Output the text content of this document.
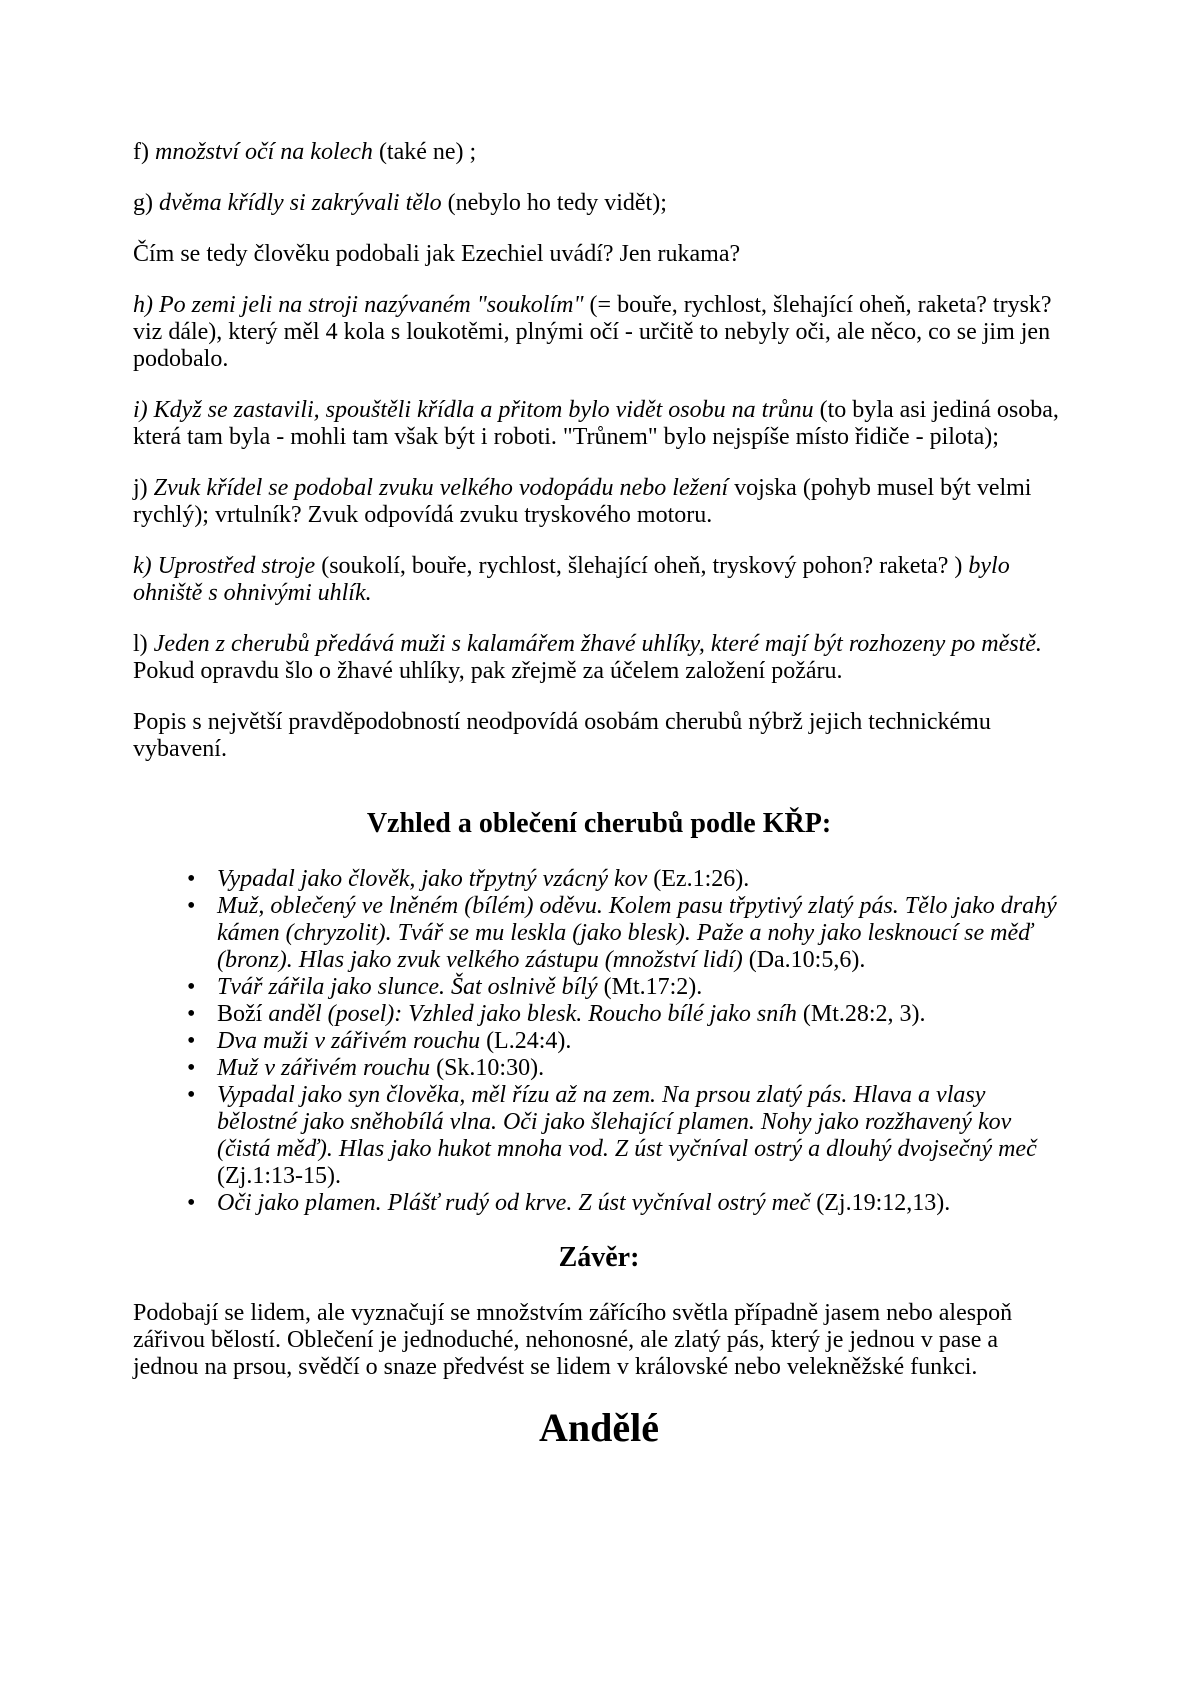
f) množství očí na kolech (také ne) ;

g) dvěma křídly si zakrývali tělo (nebylo ho tedy vidět);

Čím se tedy člověku podobali jak Ezechiel uvádí? Jen rukama?

h) Po zemi jeli na stroji nazývaném "soukolím" (= bouře, rychlost, šlehající oheň, raketa? trysk? viz dále), který měl 4 kola s loukotěmi, plnými očí - určitě to nebyly oči, ale něco, co se jim jen podobalo.

i) Když se zastavili, spouštěli křídla a přitom bylo vidět osobu na trůnu (to byla asi jediná osoba, která tam byla - mohli tam však být i roboti. "Trůnem" bylo nejspíše místo řidiče - pilota);

j) Zvuk křídel se podobal zvuku velkého vodopádu nebo ležení vojska (pohyb musel být velmi rychlý); vrtulník? Zvuk odpovídá zvuku tryskového motoru.

k) Uprostřed stroje (soukolí, bouře, rychlost, šlehající oheň, tryskový pohon? raketa? ) bylo ohniště s ohnivými uhlík.

l) Jeden z cherubů předává muži s kalamářem žhavé uhlíky, které mají být rozhozeny po městě. Pokud opravdu šlo o žhavé uhlíky, pak zřejmě za účelem založení požáru.

Popis s největší pravděpodobností neodpovídá osobám cherubů nýbrž jejich technickému vybavení.

Vzhled a oblečení cherubů podle KŘP:
• Vypadal jako člověk, jako třpytný vzácný kov (Ez.1:26).
• Muž, oblečený ve lněném (bílém) oděvu. Kolem pasu třpytivý zlatý pás. Tělo jako drahý kámen (chryzolit). Tvář se mu leskla (jako blesk). Paže a nohy jako lesknoucí se měď (bronz). Hlas jako zvuk velkého zástupu (množství lidí) (Da.10:5,6).
• Tvář zářila jako slunce. Šat oslnivě bílý (Mt.17:2).
• Boží anděl (posel): Vzhled jako blesk. Roucho bílé jako sníh (Mt.28:2, 3).
• Dva muži v zářivém rouchu (L.24:4).
• Muž v zářivém rouchu (Sk.10:30).
• Vypadal jako syn člověka, měl řízu až na zem. Na prsou zlatý pás. Hlava a vlasy bělostné jako sněhobílá vlna. Oči jako šlehající plamen. Nohy jako rozžhavený kov (čistá měď). Hlas jako hukot mnoha vod. Z úst vyčníval ostrý a dlouhý dvojsečný meč (Zj.1:13-15).
• Oči jako plamen. Plášť rudý od krve. Z úst vyčníval ostrý meč (Zj.19:12,13).
Závěr:

Podobají se lidem, ale vyznačují se množstvím zářícího světla případně jasem nebo alespoň zářivou bělostí. Oblečení je jednoduché, nehonosné, ale zlatý pás, který je jednou v pase a jednou na prsou, svědčí o snaze předvést se lidem v královské nebo velekněžské funkci.

Andělé
